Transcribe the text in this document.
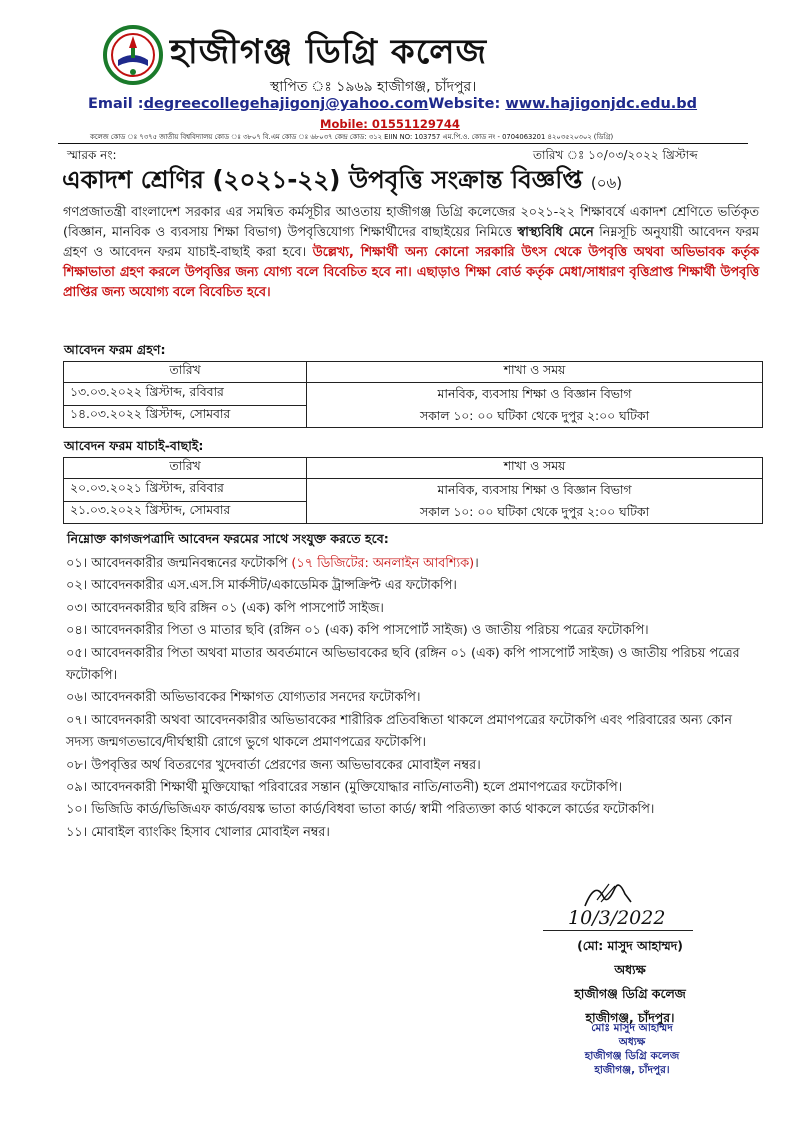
হাজীগঞ্জ ডিগ্রি কলেজ
স্থাপিত ঃ ১৯৬৯ হাজীগঞ্জ, চাঁদপুর।
Email :degreecollegehajigonj@yahoo.comWebsite: www.hajigonjdc.edu.bd
Mobile: 01551129744
কলেজ কোড ঃ ৭৩৭৫ জাতীয় বিশ্ববিদ্যালয় কোড ঃ ৩৮০৭ বি.এম কোড ঃ ৬৮০৩৭ কেন্দ্র কোড: ৩১২ EIIN NO: 103757 এম.পি.ও. কোড নং - 0704063201 ৪২০৩৫২০৩০২ (ডিগ্রি)
স্মারক নং:	তারিখ ঃ ১০/০৩/২০২২ খ্রিস্টাব্দ
একাদশ শ্রেণির (২০২১-২২) উপবৃত্তি সংক্রান্ত বিজ্ঞপ্তি (০৬)
গণপ্রজাতন্ত্রী বাংলাদেশ সরকার এর সমন্বিত কর্মসূচীর আওতায় হাজীগঞ্জ ডিগ্রি কলেজের ২০২১-২২ শিক্ষাবর্ষে একাদশ শ্রেণিতে ভর্তিকৃত (বিজ্ঞান, মানবিক ও ব্যবসায় শিক্ষা বিভাগ) উপবৃত্তিযোগ্য শিক্ষার্থীদের বাছাইয়ের নিমিত্তে স্বাস্থ্যবিধি মেনে নিম্নসূচি অনুযায়ী আবেদন ফরম গ্রহণ ও আবেদন ফরম যাচাই-বাছাই করা হবে। উল্লেখ্য, শিক্ষার্থী অন্য কোনো সরকারি উৎস থেকে উপবৃত্তি অথবা অভিভাবক কর্তৃক শিক্ষাভাতা গ্রহণ করলে উপবৃত্তির জন্য যোগ্য বলে বিবেচিত হবে না। এছাড়াও শিক্ষা বোর্ড কর্তৃক মেধা/সাধারণ বৃত্তিপ্রাপ্ত শিক্ষার্থী উপবৃত্তি প্রাপ্তির জন্য অযোগ্য বলে বিবেচিত হবে।
আবেদন ফরম গ্রহণ:
তারিখ	শাখা ও সময়
১৩.০৩.২০২২ খ্রিস্টাব্দ, রবিবার	মানবিক, ব্যবসায় শিক্ষা ও বিজ্ঞান বিভাগ
সকাল ১০: ০০ ঘটিকা থেকে দুপুর ২:০০ ঘটিকা

১৪.০৩.২০২২ খ্রিস্টাব্দ, সোমবার	
আবেদন ফরম যাচাই-বাছাই:
তারিখ	শাখা ও সময়
২০.০৩.২০২১ খ্রিস্টাব্দ, রবিবার	মানবিক, ব্যবসায় শিক্ষা ও বিজ্ঞান বিভাগ
সকাল ১০: ০০ ঘটিকা থেকে দুপুর ২:০০ ঘটিকা

২১.০৩.২০২২ খ্রিস্টাব্দ, সোমবার	
নিম্নোক্ত কাগজপত্রাদি আবেদন ফরমের সাথে সংযুক্ত করতে হবে:
০১। আবেদনকারীর জন্মনিবন্ধনের ফটোকপি (১৭ ডিজিটের: অনলাইন আবশ্যিক)।
০২। আবেদনকারীর এস.এস.সি মার্কসীট/একাডেমিক ট্রান্সক্রিপ্ট এর ফটোকপি।
০৩। আবেদনকারীর ছবি রঙ্গিন ০১ (এক) কপি পাসপোর্ট সাইজ।
০৪। আবেদনকারীর পিতা ও মাতার ছবি (রঙ্গিন ০১ (এক) কপি পাসপোর্ট সাইজ) ও জাতীয় পরিচয় পত্রের ফটোকপি।
০৫। আবেদনকারীর পিতা অথবা মাতার অবর্তমানে অভিভাবকের ছবি (রঙ্গিন ০১ (এক) কপি পাসপোর্ট সাইজ) ও জাতীয় পরিচয় পত্রের ফটোকপি।
০৬। আবেদনকারী অভিভাবকের শিক্ষাগত যোগ্যতার সনদের ফটোকপি।
০৭। আবেদনকারী অথবা আবেদনকারীর অভিভাবকের শারীরিক প্রতিবন্ধিতা থাকলে প্রমাণপত্রের ফটোকপি এবং পরিবারের অন্য কোন সদস্য জন্মগতভাবে/দীর্ঘস্থায়ী রোগে ভুগে থাকলে প্রমাণপত্রের ফটোকপি।
০৮। উপবৃত্তির অর্থ বিতরণের খুদেবার্তা প্রেরণের জন্য অভিভাবকের মোবাইল নম্বর।
০৯। আবেদনকারী শিক্ষার্থী মুক্তিযোদ্ধা পরিবারের সন্তান (মুক্তিযোদ্ধার নাতি/নাতনী) হলে প্রমাণপত্রের ফটোকপি।
১০। ভিজিডি কার্ড/ভিজিএফ কার্ড/বয়স্ক ভাতা কার্ড/বিধবা ভাতা কার্ড/ স্বামী পরিত্যক্তা কার্ড থাকলে কার্ডের ফটোকপি।
১১। মোবাইল ব্যাংকিং হিসাব খোলার মোবাইল নম্বর।
10/3/2022
(মো: মাসুদ আহাম্মদ)
অধ্যক্ষ
হাজীগঞ্জ ডিগ্রি কলেজ
হাজীগঞ্জ, চাঁদপুর।
মোঃ মাসুদ আহাম্মদ
অধ্যক্ষ
হাজীগঞ্জ ডিগ্রি কলেজ
হাজীগঞ্জ, চাঁদপুর।
